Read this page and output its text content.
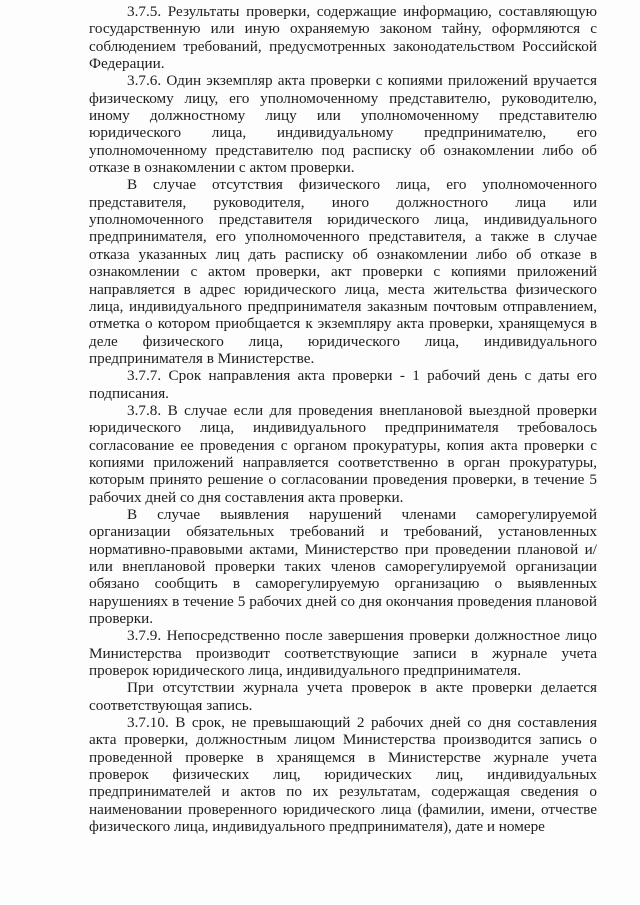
3.7.5. Результаты проверки, содержащие информацию, составляющую государственную или иную охраняемую законом тайну, оформляются с соблюдением требований, предусмотренных законодательством Российской Федерации.

3.7.6. Один экземпляр акта проверки с копиями приложений вручается физическому лицу, его уполномоченному представителю, руководителю, иному должностному лицу или уполномоченному представителю юридического лица, индивидуальному предпринимателю, его уполномоченному представителю под расписку об ознакомлении либо об отказе в ознакомлении с актом проверки.

В случае отсутствия физического лица, его уполномоченного представителя, руководителя, иного должностного лица или уполномоченного представителя юридического лица, индивидуального предпринимателя, его уполномоченного представителя, а также в случае отказа указанных лиц дать расписку об ознакомлении либо об отказе в ознакомлении с актом проверки, акт проверки с копиями приложений направляется в адрес юридического лица, места жительства физического лица, индивидуального предпринимателя заказным почтовым отправлением, отметка о котором приобщается к экземпляру акта проверки, хранящемуся в деле физического лица, юридического лица, индивидуального предпринимателя в Министерстве.

3.7.7. Срок направления акта проверки - 1 рабочий день с даты его подписания.

3.7.8. В случае если для проведения внеплановой выездной проверки юридического лица, индивидуального предпринимателя требовалось согласование ее проведения с органом прокуратуры, копия акта проверки с копиями приложений направляется соответственно в орган прокуратуры, которым принято решение о согласовании проведения проверки, в течение 5 рабочих дней со дня составления акта проверки.

В случае выявления нарушений членами саморегулируемой организации обязательных требований и требований, установленных нормативно-правовыми актами, Министерство при проведении плановой и/или внеплановой проверки таких членов саморегулируемой организации обязано сообщить в саморегулируемую организацию о выявленных нарушениях в течение 5 рабочих дней со дня окончания проведения плановой проверки.

3.7.9. Непосредственно после завершения проверки должностное лицо Министерства производит соответствующие записи в журнале учета проверок юридического лица, индивидуального предпринимателя.

При отсутствии журнала учета проверок в акте проверки делается соответствующая запись.

3.7.10. В срок, не превышающий 2 рабочих дней со дня составления акта проверки, должностным лицом Министерства производится запись о проведенной проверке в хранящемся в Министерстве журнале учета проверок физических лиц, юридических лиц, индивидуальных предпринимателей и актов по их результатам, содержащая сведения о наименовании проверенного юридического лица (фамилии, имени, отчестве физического лица, индивидуального предпринимателя), дате и номере
